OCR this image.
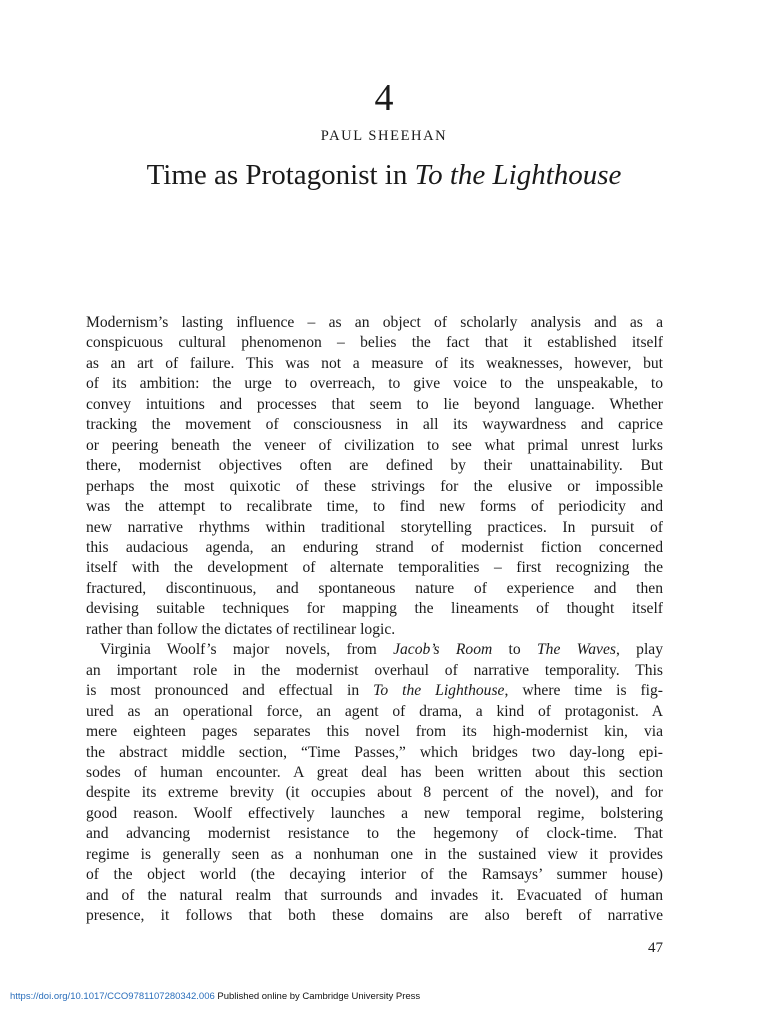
4
PAUL SHEEHAN
Time as Protagonist in To the Lighthouse
Modernism’s lasting influence – as an object of scholarly analysis and as a
conspicuous cultural phenomenon – belies the fact that it established itself
as an art of failure. This was not a measure of its weaknesses, however, but
of its ambition: the urge to overreach, to give voice to the unspeakable, to
convey intuitions and processes that seem to lie beyond language. Whether
tracking the movement of consciousness in all its waywardness and caprice
or peering beneath the veneer of civilization to see what primal unrest lurks
there, modernist objectives often are defined by their unattainability. But
perhaps the most quixotic of these strivings for the elusive or impossible
was the attempt to recalibrate time, to find new forms of periodicity and
new narrative rhythms within traditional storytelling practices. In pursuit of
this audacious agenda, an enduring strand of modernist fiction concerned
itself with the development of alternate temporalities – first recognizing the
fractured, discontinuous, and spontaneous nature of experience and then
devising suitable techniques for mapping the lineaments of thought itself
rather than follow the dictates of rectilinear logic.
Virginia Woolf’s major novels, from Jacob’s Room to The Waves, play
an important role in the modernist overhaul of narrative temporality. This
is most pronounced and effectual in To the Lighthouse, where time is fig-
ured as an operational force, an agent of drama, a kind of protagonist. A
mere eighteen pages separates this novel from its high-modernist kin, via
the abstract middle section, “Time Passes,” which bridges two day-long epi-
sodes of human encounter. A great deal has been written about this section
despite its extreme brevity (it occupies about 8 percent of the novel), and for
good reason. Woolf effectively launches a new temporal regime, bolstering
and advancing modernist resistance to the hegemony of clock-time. That
regime is generally seen as a nonhuman one in the sustained view it provides
of the object world (the decaying interior of the Ramsays’ summer house)
and of the natural realm that surrounds and invades it. Evacuated of human
presence, it follows that both these domains are also bereft of narrative
47
https://doi.org/10.1017/CCO9781107280342.006 Published online by Cambridge University Press
